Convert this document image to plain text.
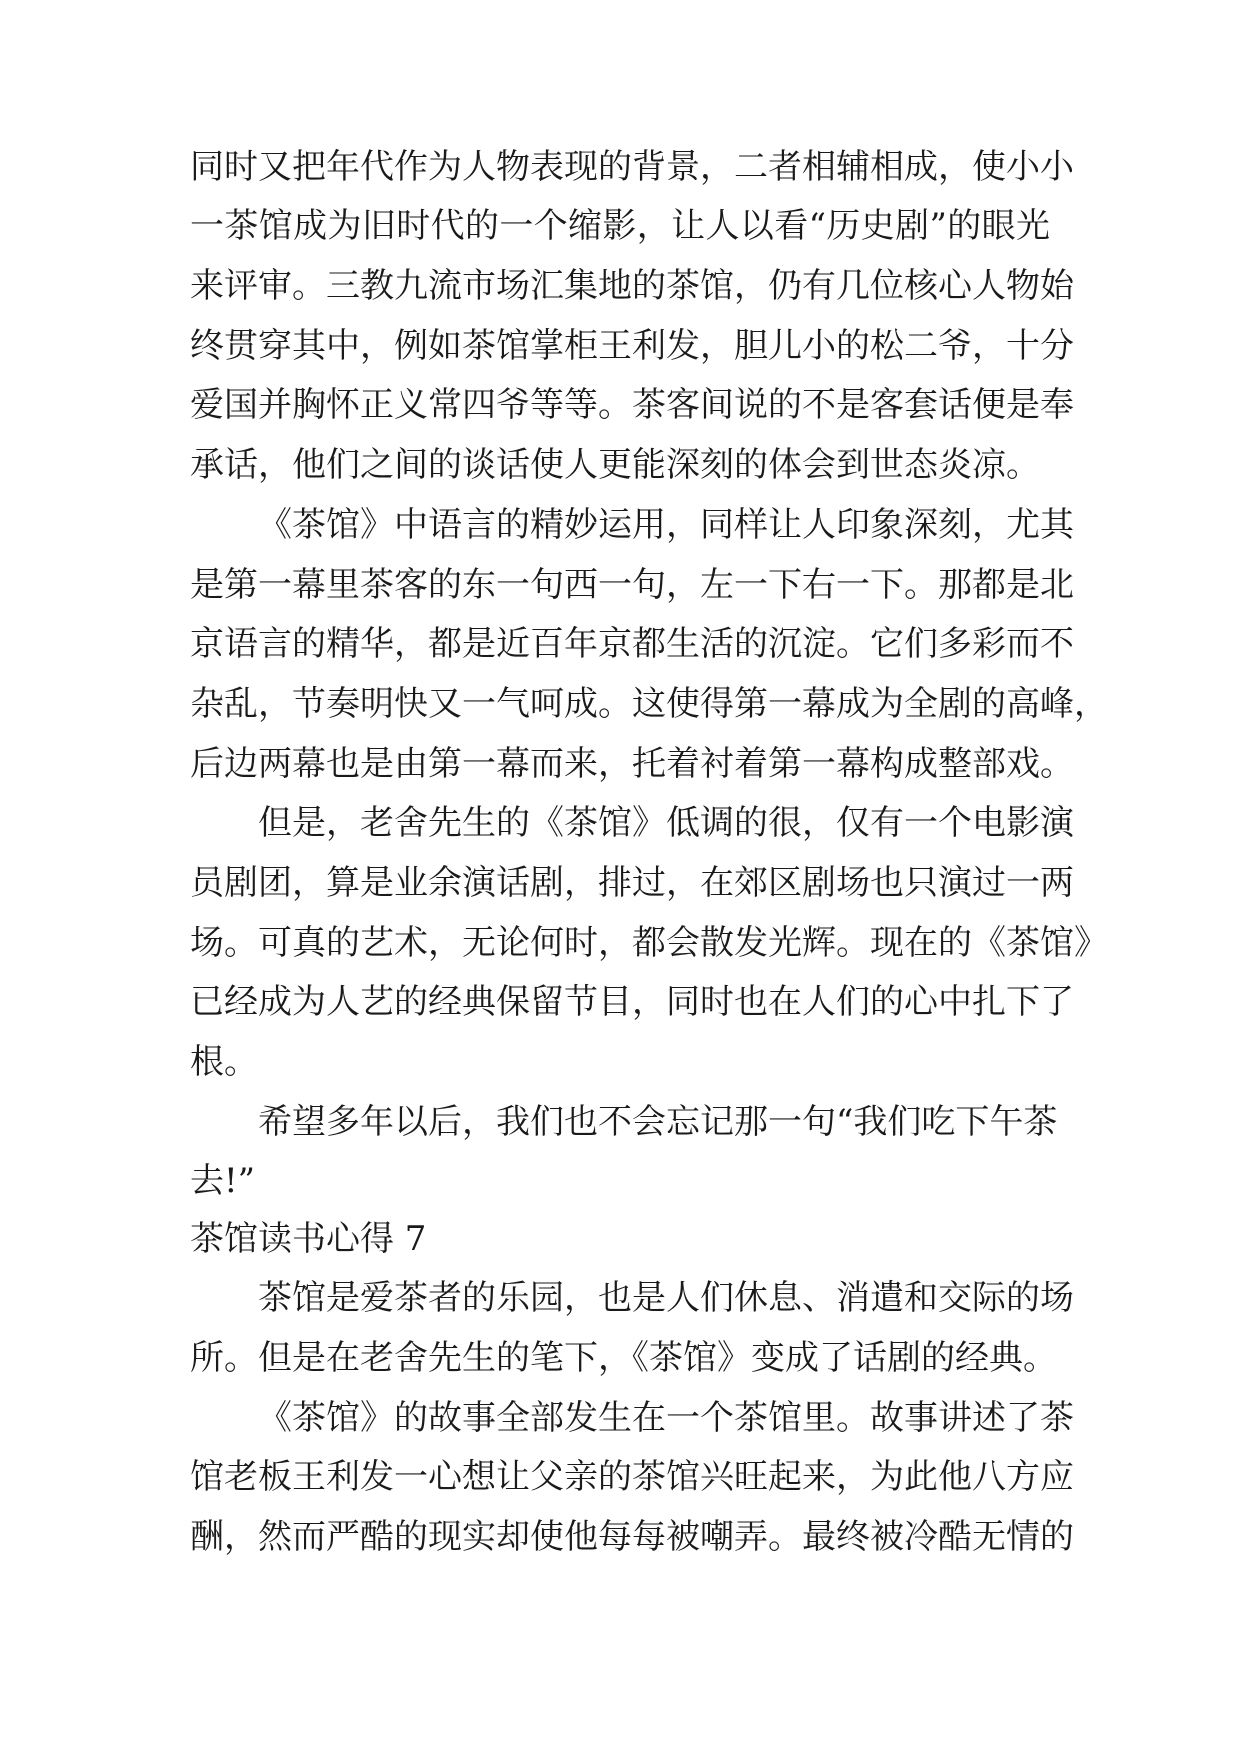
同时又把年代作为人物表现的背景，二者相辅相成，使小小
一茶馆成为旧时代的一个缩影，让人以看“历史剧”的眼光
来评审。三教九流市场汇集地的茶馆，仍有几位核心人物始
终贯穿其中，例如茶馆掌柜王利发，胆儿小的松二爷，十分
爱国并胸怀正义常四爷等等。茶客间说的不是客套话便是奉
承话，他们之间的谈话使人更能深刻的体会到世态炎凉。
《茶馆》中语言的精妙运用，同样让人印象深刻，尤其
是第一幕里茶客的东一句西一句，左一下右一下。那都是北
京语言的精华，都是近百年京都生活的沉淀。它们多彩而不
杂乱，节奏明快又一气呵成。这使得第一幕成为全剧的高峰，
后边两幕也是由第一幕而来，托着衬着第一幕构成整部戏。
但是，老舍先生的《茶馆》低调的很，仅有一个电影演
员剧团，算是业余演话剧，排过，在郊区剧场也只演过一两
场。可真的艺术，无论何时，都会散发光辉。现在的《茶馆》
已经成为人艺的经典保留节目，同时也在人们的心中扎下了
根。
希望多年以后，我们也不会忘记那一句“我们吃下午茶
去!”
茶馆读书心得 7
茶馆是爱茶者的乐园，也是人们休息、消遣和交际的场
所。但是在老舍先生的笔下，《茶馆》变成了话剧的经典。
《茶馆》的故事全部发生在一个茶馆里。故事讲述了茶
馆老板王利发一心想让父亲的茶馆兴旺起来，为此他八方应
酬，然而严酷的现实却使他每每被嘲弄。最终被冷酷无情的
